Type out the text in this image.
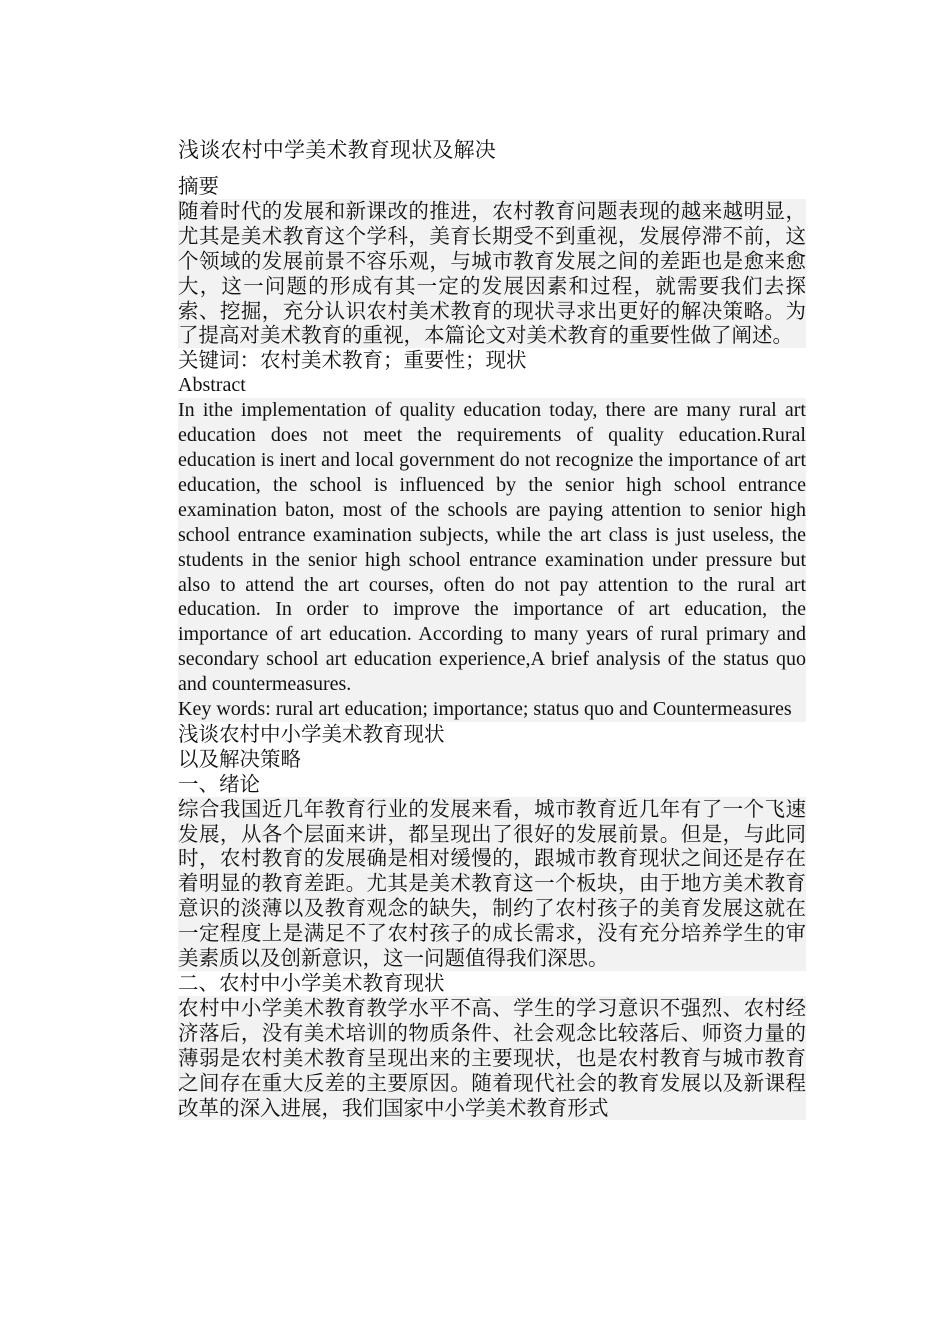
浅谈农村中学美术教育现状及解决

摘要

随着时代的发展和新课改的推进，农村教育问题表现的越来越明显，尤其是美术教育这个学科，美育长期受不到重视，发展停滞不前，这个领域的发展前景不容乐观，与城市教育发展之间的差距也是愈来愈大，这一问题的形成有其一定的发展因素和过程，就需要我们去探索、挖掘，充分认识农村美术教育的现状寻求出更好的解决策略。为了提高对美术教育的重视，本篇论文对美术教育的重要性做了阐述。

关键词：农村美术教育；重要性；现状

Abstract

In ithe implementation of quality education today, there are many rural art education does not meet the requirements of quality education.Rural education is inert and local government do not recognize the importance of art education, the school is influenced by the senior high school entrance examination baton, most of the schools are paying attention to senior high school entrance examination subjects, while the art class is just useless, the students in the senior high school entrance examination under pressure but also to attend the art courses, often do not pay attention to the rural art education. In order to improve the importance of art education, the importance of art education. According to many years of rural primary and secondary school art education experience,A brief analysis of the status quo and countermeasures.

Key words: rural art education; importance; status quo and Countermeasures

浅谈农村中小学美术教育现状

以及解决策略

一、绪论

综合我国近几年教育行业的发展来看，城市教育近几年有了一个飞速发展，从各个层面来讲，都呈现出了很好的发展前景。但是，与此同时，农村教育的发展确是相对缓慢的，跟城市教育现状之间还是存在着明显的教育差距。尤其是美术教育这一个板块，由于地方美术教育意识的淡薄以及教育观念的缺失，制约了农村孩子的美育发展这就在一定程度上是满足不了农村孩子的成长需求，没有充分培养学生的审美素质以及创新意识，这一问题值得我们深思。

二、农村中小学美术教育现状

农村中小学美术教育教学水平不高、学生的学习意识不强烈、农村经济落后，没有美术培训的物质条件、社会观念比较落后、师资力量的薄弱是农村美术教育呈现出来的主要现状，也是农村教育与城市教育之间存在重大反差的主要原因。随着现代社会的教育发展以及新课程改革的深入进展，我们国家中小学美术教育形式
